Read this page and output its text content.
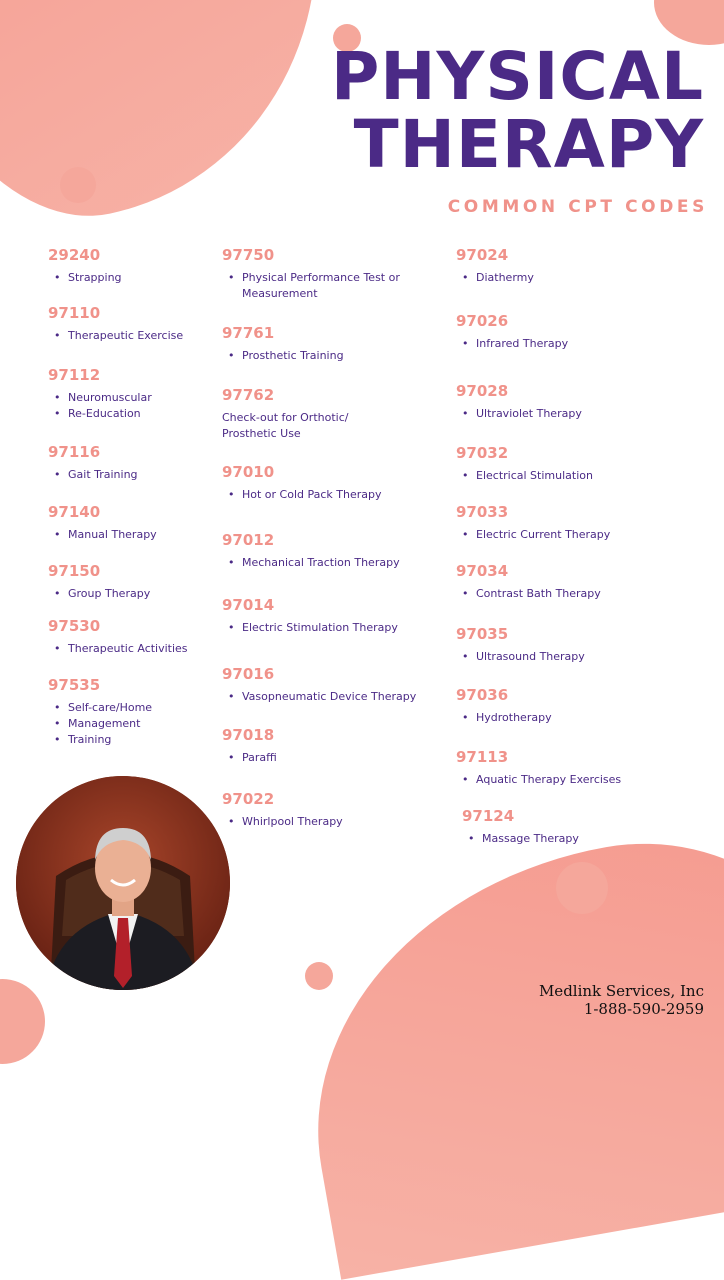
PHYSICAL
THERAPY
COMMON CPT CODES
29240
• Strapping
97110
• Therapeutic Exercise
97112
• Neuromuscular
• Re-Education
97116
• Gait Training
97140
• Manual Therapy
97150
• Group Therapy
97530
• Therapeutic Activities
97535
• Self-care/Home
• Management
• Training
97750
• Physical Performance Test or
Measurement
97761
• Prosthetic Training
97762
Check-out for Orthotic/ Prosthetic Use
97010
• Hot or Cold Pack Therapy
97012
• Mechanical Traction Therapy
97014
• Electric Stimulation Therapy
97016
• Vasopneumatic Device Therapy
97018
• Paraffi
97022
• Whirlpool Therapy
97024
• Diathermy
97026
• Infrared Therapy
97028
• Ultraviolet Therapy
97032
• Electrical Stimulation
97033
• Electric Current Therapy
97034
• Contrast Bath Therapy
97035
• Ultrasound Therapy
97036
• Hydrotherapy
97113
• Aquatic Therapy Exercises
97124
• Massage Therapy
Medlink Services, Inc
1-888-590-2959
